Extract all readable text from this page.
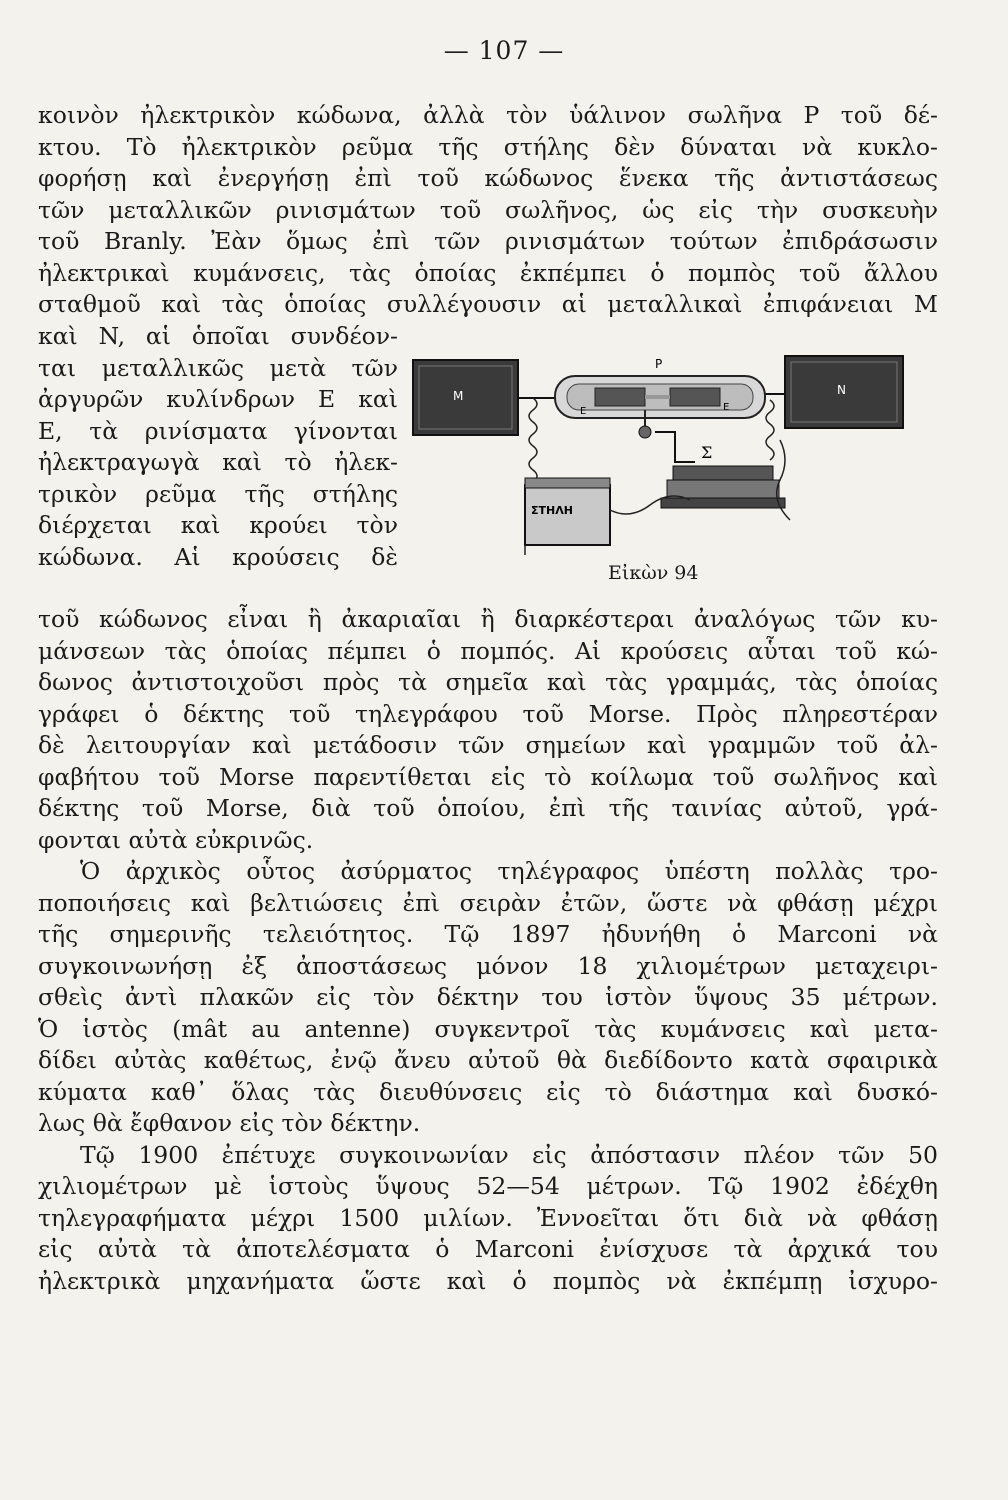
— 107 —
κοινὸν ἠλεκτρικὸν κώδωνα, ἀλλὰ τὸν ὑάλινον σωλῆνα P τοῦ δέ-
κτου. Τὸ ἠλεκτρικὸν ρεῦμα τῆς στήλης δὲν δύναται νὰ κυκλο-
φορήσῃ καὶ ἐνεργήσῃ ἐπὶ τοῦ κώδωνος ἕνεκα τῆς ἀντιστάσεως
τῶν μεταλλικῶν ρινισμάτων τοῦ σωλῆνος, ὡς εἰς τὴν συσκευὴν
τοῦ Branly. Ἐὰν ὅμως ἐπὶ τῶν ρινισμάτων τούτων ἐπιδράσωσιν
ἠλεκτρικαὶ κυμάνσεις, τὰς ὁποίας ἐκπέμπει ὁ πομπὸς τοῦ ἄλλου
σταθμοῦ καὶ τὰς ὁποίας συλλέγουσιν αἱ μεταλλικαὶ ἐπιφάνειαι M
καὶ N, αἱ ὁποῖαι συνδέον-
ται μεταλλικῶς μετὰ τῶν
ἀργυρῶν κυλίνδρων E καὶ
E, τὰ ρινίσματα γίνονται
ἠλεκτραγωγὰ καὶ τὸ ἠλεκ-
τρικὸν ρεῦμα τῆς στήλης
διέρχεται καὶ κρούει τὸν
κώδωνα. Αἱ κρούσεις δὲ
M	N
P
E	E
Σ
ΣΤΗΛΗ
Εἰκὼν 94
τοῦ κώδωνος εἶναι ἢ ἀκαριαῖαι ἢ διαρκέστεραι ἀναλόγως τῶν κυ-
μάνσεων τὰς ὁποίας πέμπει ὁ πομπός. Αἱ κρούσεις αὗται τοῦ κώ-
δωνος ἀντιστοιχοῦσι πρὸς τὰ σημεῖα καὶ τὰς γραμμάς, τὰς ὁποίας
γράφει ὁ δέκτης τοῦ τηλεγράφου τοῦ Morse. Πρὸς πληρεστέραν
δὲ λειτουργίαν καὶ μετάδοσιν τῶν σημείων καὶ γραμμῶν τοῦ ἀλ-
φαβήτου τοῦ Morse παρεντίθεται εἰς τὸ κοίλωμα τοῦ σωλῆνος καὶ
δέκτης τοῦ Morse, διὰ τοῦ ὁποίου, ἐπὶ τῆς ταινίας αὐτοῦ, γρά-
φονται αὐτὰ εὐκρινῶς.
Ὁ ἀρχικὸς οὗτος ἀσύρματος τηλέγραφος ὑπέστη πολλὰς τρο-
ποποιήσεις καὶ βελτιώσεις ἐπὶ σειρὰν ἐτῶν, ὥστε νὰ φθάσῃ μέχρι
τῆς σημερινῆς τελειότητος. Τῷ 1897 ἠδυνήθη ὁ Marconi νὰ
συγκοινωνήσῃ ἐξ ἀποστάσεως μόνον 18 χιλιομέτρων μεταχειρι-
σθεὶς ἀντὶ πλακῶν εἰς τὸν δέκτην του ἱστὸν ὕψους 35 μέτρων.
Ὁ ἱστὸς (mât au antenne) συγκεντροῖ τὰς κυμάνσεις καὶ μετα-
δίδει αὐτὰς καθέτως, ἐνῷ ἄνευ αὐτοῦ θὰ διεδίδοντο κατὰ σφαιρικὰ
κύματα καθ᾿ ὅλας τὰς διευθύνσεις εἰς τὸ διάστημα καὶ δυσκό-
λως θὰ ἔφθανον εἰς τὸν δέκτην.
Τῷ 1900 ἐπέτυχε συγκοινωνίαν εἰς ἀπόστασιν πλέον τῶν 50
χιλιομέτρων μὲ ἱστοὺς ὕψους 52—54 μέτρων. Τῷ 1902 ἐδέχθη
τηλεγραφήματα μέχρι 1500 μιλίων. Ἐννοεῖται ὅτι διὰ νὰ φθάσῃ
εἰς αὐτὰ τὰ ἀποτελέσματα ὁ Marconi ἐνίσχυσε τὰ ἀρχικά του
ἠλεκτρικὰ μηχανήματα ὥστε καὶ ὁ πομπὸς νὰ ἐκπέμπῃ ἰσχυρο-
